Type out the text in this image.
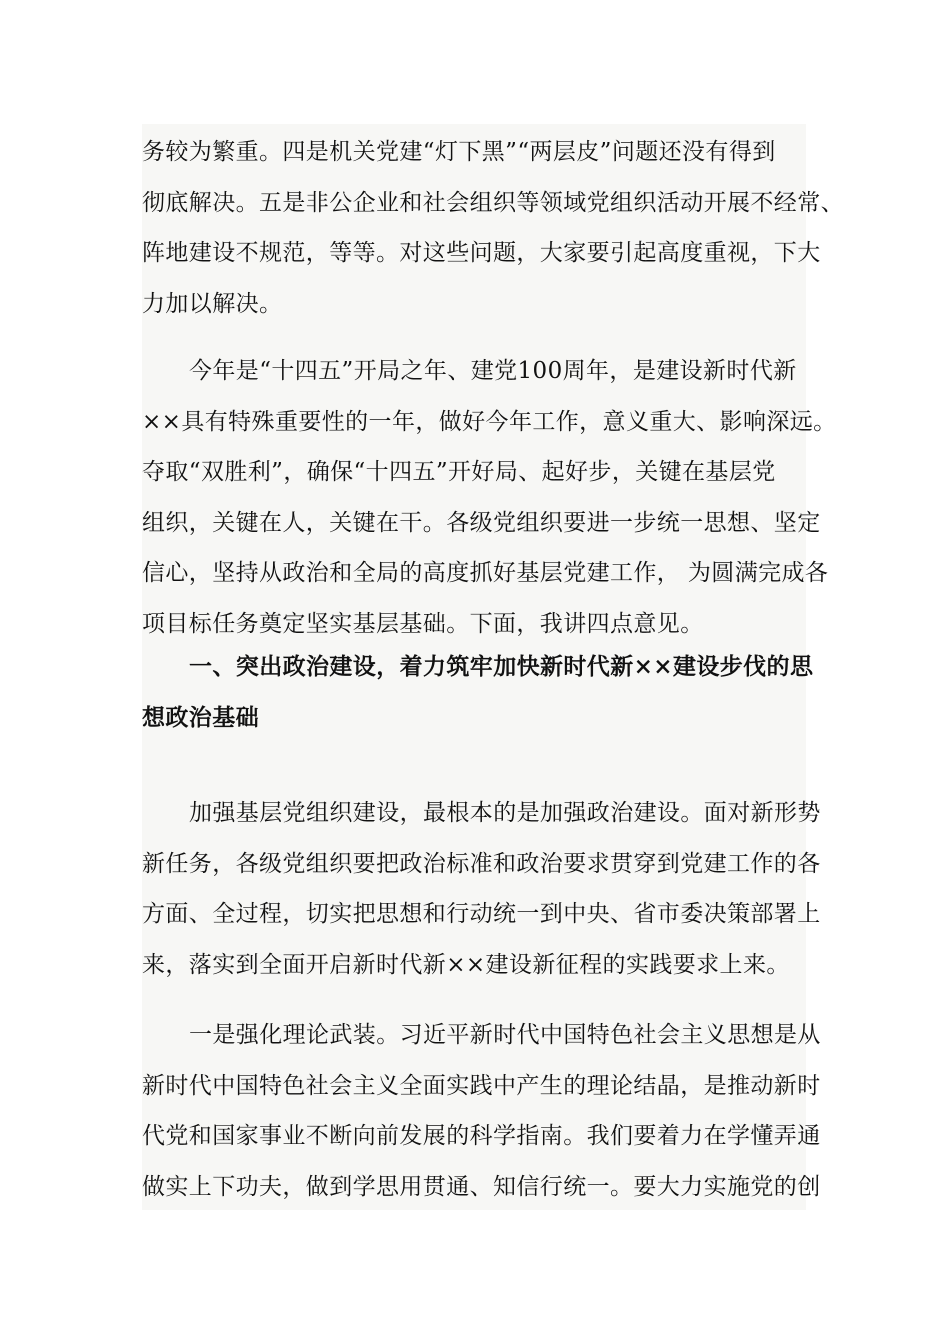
务较为繁重。四是机关党建“灯下黑”“两层皮”问题还没有得到
彻底解决。五是非公企业和社会组织等领域党组织活动开展不经常、
阵地建设不规范，等等。对这些问题，大家要引起高度重视，下大
力加以解决。
今年是“十四五”开局之年、建党100周年，是建设新时代新
××具有特殊重要性的一年，做好今年工作，意义重大、影响深远。
夺取“双胜利”，确保“十四五”开好局、起好步，关键在基层党
组织，关键在人，关键在干。各级党组织要进一步统一思想、坚定
信心，坚持从政治和全局的高度抓好基层党建工作， 为圆满完成各
项目标任务奠定坚实基层基础。下面，我讲四点意见。
一、突出政治建设，着力筑牢加快新时代新××建设步伐的思
想政治基础
加强基层党组织建设，最根本的是加强政治建设。面对新形势
新任务，各级党组织要把政治标准和政治要求贯穿到党建工作的各
方面、全过程，切实把思想和行动统一到中央、省市委决策部署上
来，落实到全面开启新时代新××建设新征程的实践要求上来。
一是强化理论武装。习近平新时代中国特色社会主义思想是从
新时代中国特色社会主义全面实践中产生的理论结晶，是推动新时
代党和国家事业不断向前发展的科学指南。我们要着力在学懂弄通
做实上下功夫，做到学思用贯通、知信行统一。要大力实施党的创
